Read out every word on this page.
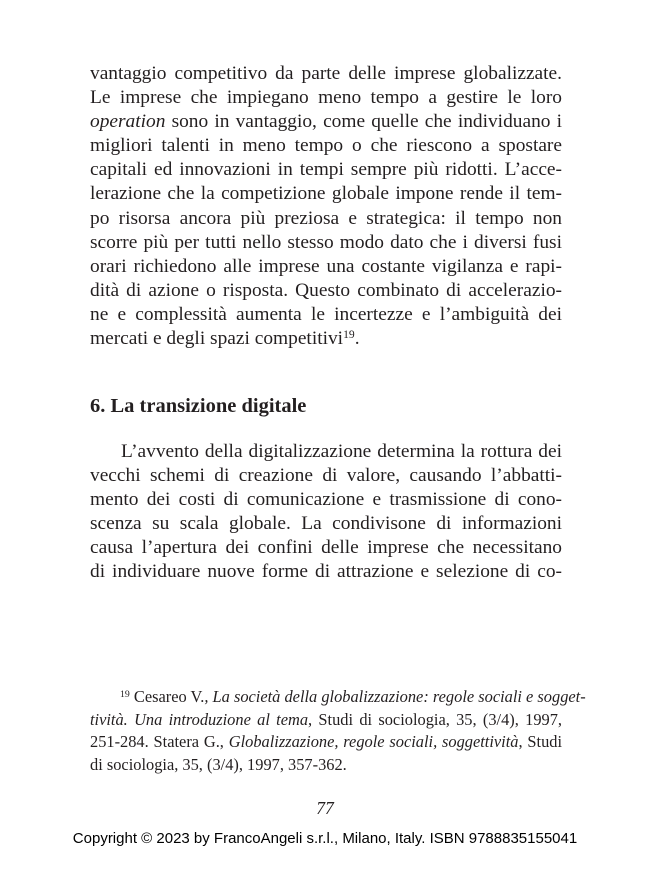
vantaggio competitivo da parte delle imprese globalizzate.
Le imprese che impiegano meno tempo a gestire le loro
operation sono in vantaggio, come quelle che individuano i
migliori talenti in meno tempo o che riescono a spostare
capitali ed innovazioni in tempi sempre più ridotti. L’acce-
lerazione che la competizione globale impone rende il tem-
po risorsa ancora più preziosa e strategica: il tempo non
scorre più per tutti nello stesso modo dato che i diversi fusi
orari richiedono alle imprese una costante vigilanza e rapi-
dità di azione o risposta. Questo combinato di accelerazio-
ne e complessità aumenta le incertezze e l’ambiguità dei
mercati e degli spazi competitivi$^{19}$.
6. La transizione digitale
L’avvento della digitalizzazione determina la rottura dei
vecchi schemi di creazione di valore, causando l’abbatti-
mento dei costi di comunicazione e trasmissione di cono-
scenza su scala globale. La condivisone di informazioni
causa l’apertura dei confini delle imprese che necessitano
di individuare nuove forme di attrazione e selezione di co-
$^{19}$ Cesareo V., La società della globalizzazione: regole sociali e sogget-
tività. Una introduzione al tema, Studi di sociologia, 35, (3/4), 1997,
251-284. Statera G., Globalizzazione, regole sociali, soggettività, Studi
di sociologia, 35, (3/4), 1997, 357-362.
77
Copyright © 2023 by FrancoAngeli s.r.l., Milano, Italy. ISBN 9788835155041
